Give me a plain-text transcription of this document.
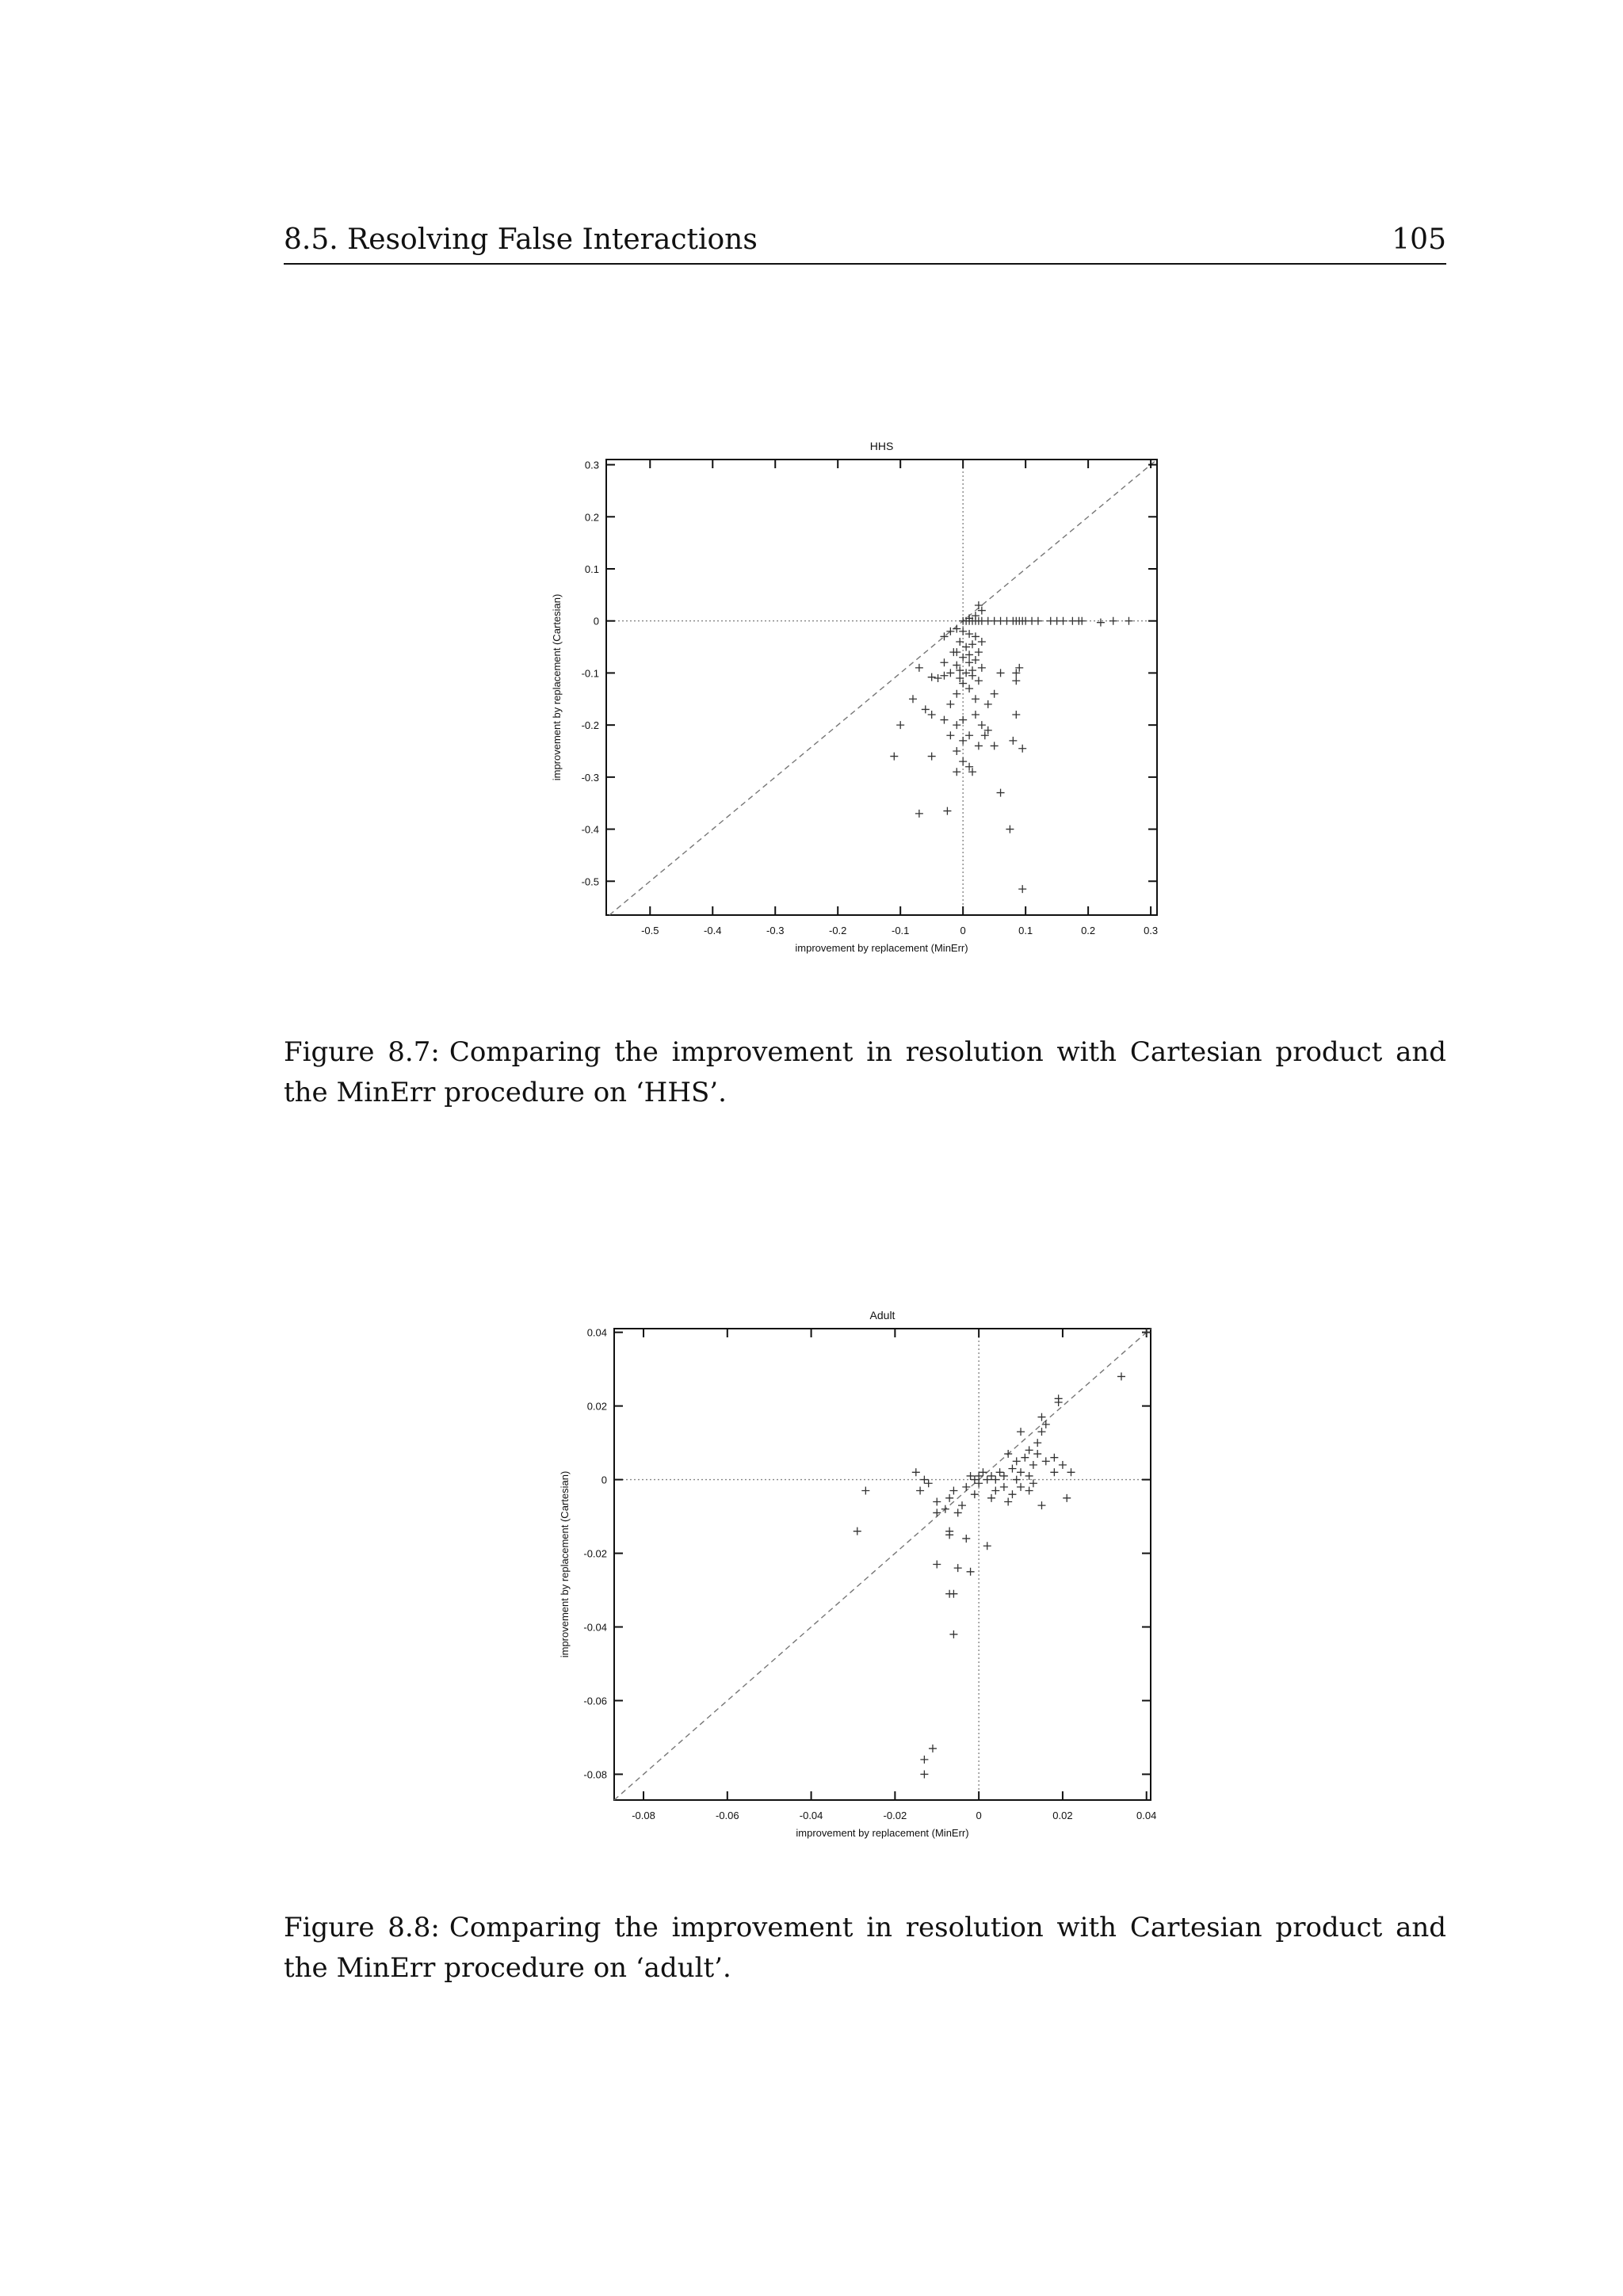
8.5. Resolving False Interactions	105
-0.5	-0.4	-0.3	-0.2	-0.1	0	0.1	0.2	0.3
-0.5
-0.4
-0.3
-0.2
-0.1
0
0.1
0.2
0.3
HHS
improvement by replacement (MinErr)
improvement by replacement (Cartesian)
Figure 8.7: Comparing the improvement in resolution with Cartesian product and the MinErr procedure on ‘HHS’.
-0.08	-0.06	-0.04	-0.02	0	0.02	0.04
-0.08
-0.06
-0.04
-0.02
0
0.02
0.04
Adult
improvement by replacement (MinErr)
improvement by replacement (Cartesian)
Figure 8.8: Comparing the improvement in resolution with Cartesian product and the MinErr procedure on ‘adult’.
